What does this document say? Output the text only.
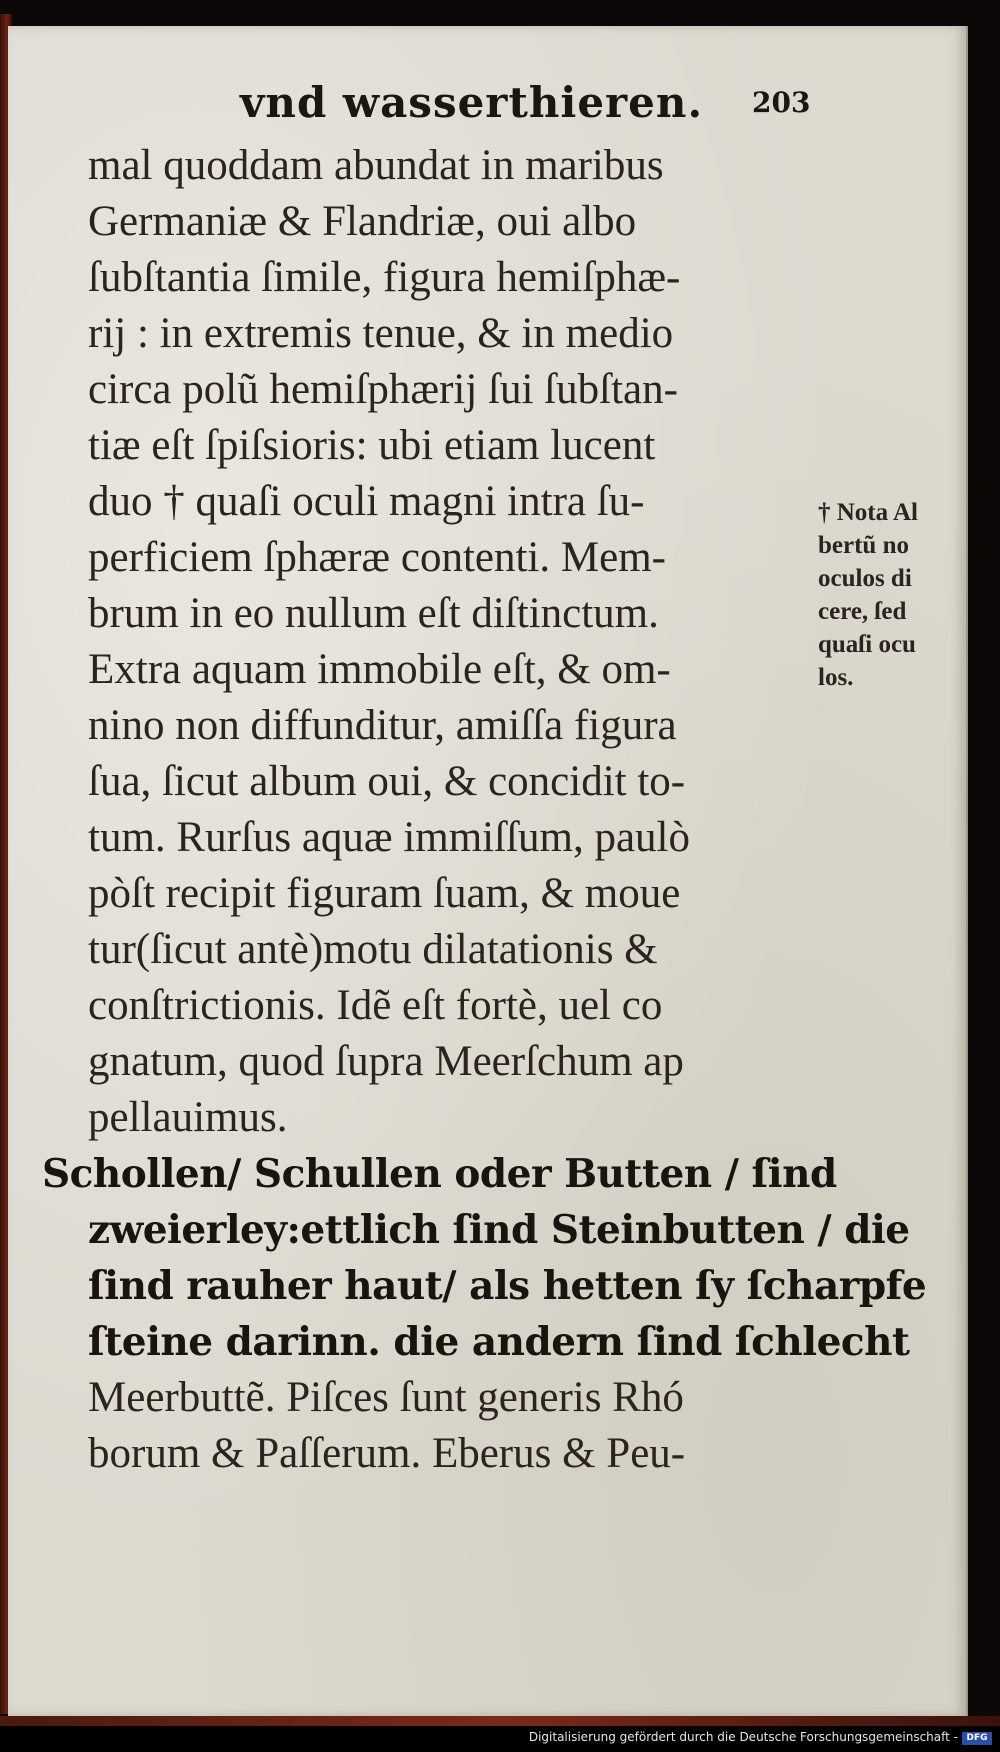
vnd wasserthieren. 203
mal quoddam abundat in maribus
Germaniæ & Flandriæ, oui albo
ſubſtantia ſimile, figura hemiſphæ-
rij : in extremis tenue, & in medio
circa polũ hemiſphærij ſui ſubſtan-
tiæ eſt ſpiſsioris: ubi etiam lucent
duo † quaſi oculi magni intra ſu-
perficiem ſphæræ contenti. Mem-
brum in eo nullum eſt diſtinctum.
Extra aquam immobile eſt, & om-
nino non diffunditur, amiſſa figura
ſua, ſicut album oui, & concidit to-
tum. Rurſus aquæ immiſſum, paulò
pòſt recipit figuram ſuam, & moue
tur(ſicut antè)motu dilatationis &
conſtrictionis. Idẽ eſt fortè, uel co
gnatum, quod ſupra Meerſchum ap
pellauimus.
Schollen/ Schullen oder Butten / ſind
zweierley:ettlich ſind Steinbutten / die
ſind rauher haut/ als hetten ſy ſcharpfe
ſteine darinn. die andern ſind ſchlecht
Meerbuttẽ. Piſces ſunt generis Rhó
borum & Paſſerum. Eberus & Peu-
† Nota Al
bertũ no
oculos di
cere, ſed
quaſi ocu
los.
Digitalisierung gefördert durch die Deutsche Forschungsgemeinschaft - DFG
